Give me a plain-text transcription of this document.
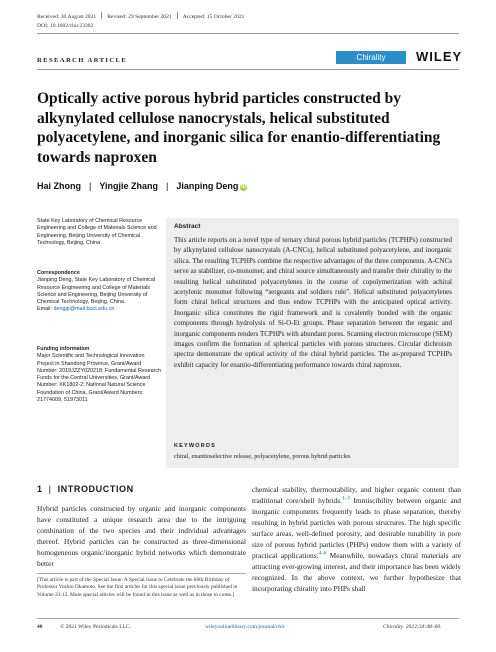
Received: 30 August 2021 Revised: 29 September 2021 Accepted: 15 October 2021
DOI: 10.1002/chir.23382
RESEARCH ARTICLE	Chirality	WILEY
Optically active porous hybrid particles constructed by alkynylated cellulose nanocrystals, helical substituted polyacetylene, and inorganic silica for enantio-differentiating towards naproxen
Hai Zhong | Yingjie Zhang | Jianping Deng iD
State Key Laboratory of Chemical Resource Engineering and College of Materials Science and Engineering, Beijing University of Chemical Technology, Beijing, China
Correspondence
Jianping Deng, State Key Laboratory of Chemical Resource Engineering and College of Materials Science and Engineering, Beijing University of Chemical Technology, Beijing, China.
Email: dengjp@mail.buct.edu.cn
Funding information
Major Scientific and Technological Innovation Project in Shandong Province, Grant/Award Number: 2019JZZY020218; Fundamental Research Funds for the Central Universities, Grant/Award Number: XK1802-2; National Natural Science Foundation of China, Grant/Award Numbers: 21774009, 51973011
Abstract
This article reports on a novel type of ternary chiral porous hybrid particles (TCPHPs) constructed by alkynylated cellulose nanocrystals (A-CNCs), helical substituted polyacetylene, and inorganic silica. The resulting TCPHPs combine the respective advantages of the three components. A-CNCs serve as stabilizer, co-monomer, and chiral source simultaneously and transfer their chirality to the resulting helical substituted polyacetylenes in the course of copolymerization with achiral acetylenic monomer following “sergeants and soldiers rule”. Helical substituted polyacetylenes form chiral helical structures and thus endow TCPHPs with the anticipated optical activity. Inorganic silica constitutes the rigid framework and is covalently bonded with the organic components through hydrolysis of Si-O-Et groups. Phase separation between the organic and inorganic components renders TCPHPs with abundant pores. Scanning electron microscope (SEM) images confirm the formation of spherical particles with porous structures. Circular dichroism spectra demonstrate the optical activity of the chiral hybrid particles. The as-prepared TCPHPs exhibit capacity for enantio-differentiating performance towards chiral naproxen.
KEYWORDS
chiral, enantioselective release, polyacetylene, porous hybrid particles
1 | INTRODUCTION
Hybrid particles constructed by organic and inorganic components have constituted a unique research area due to the intriguing combination of the two species and their individual advantages thereof. Hybrid particles can be constructed as three-dimensional homogeneous organic/inorganic hybrid networks which demonstrate better
chemical stability, thermostability, and higher organic content than traditional core/shell hybrids.$^{1-3}$ Immiscibility between organic and inorganic components frequently leads to phase separation, thereby resulting in hybrid particles with porous structures. The high specific surface areas, well-defined porosity, and desirable tunability in pore size of porous hybrid particles (PHPs) endow them with a variety of practical applications.$^{4-6}$ Meanwhile, nowadays chiral materials are attracting ever-growing interest, and their importance has been widely recognized. In the above context, we further hypothesize that incorporating chirality into PHPs shall
[This article is part of the Special Issue: A Special Issue to Celebrate the 80th Birthday of Professor Yoshio Okamoto. See the first articles for this special issue previously published in Volume 33:12. More special articles will be found in this issue as well as in those to come.]
48	© 2021 Wiley Periodicals LLC.	wileyonlinelibrary.com/journal/chir	Chirality. 2022;34:48–60.
